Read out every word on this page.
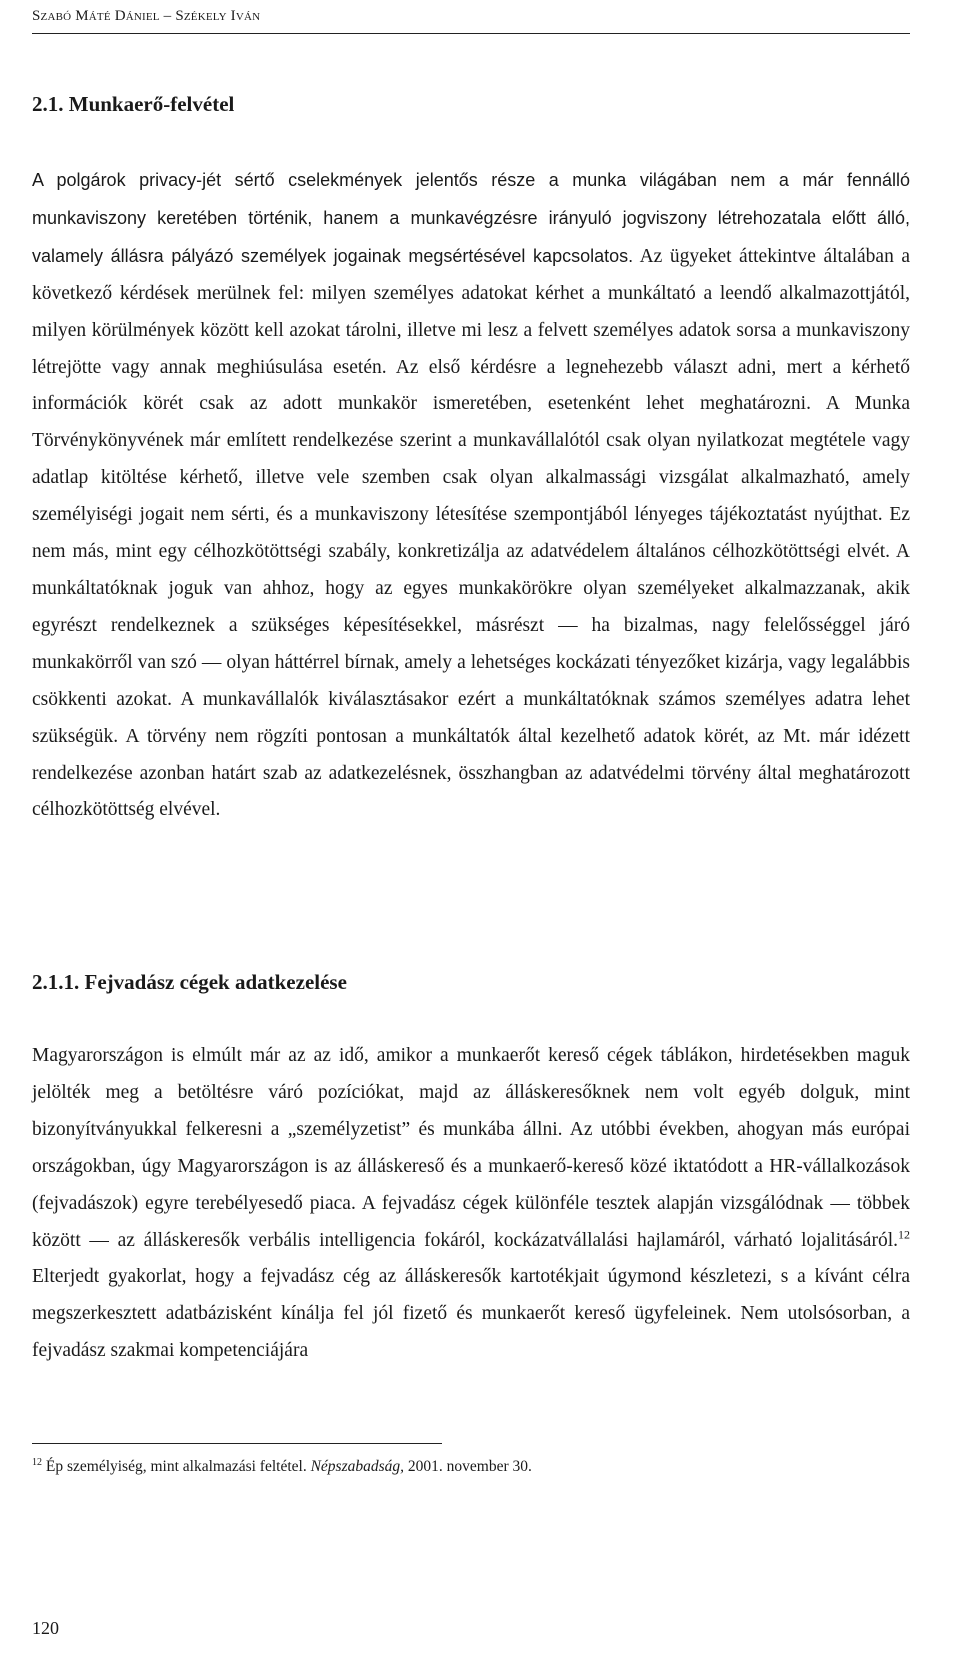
Szabó Máté Dániel – Székely Iván
2.1. Munkaerő-felvétel

A polgárok privacy-jét sértő cselekmények jelentős része a munka világában nem a már fennálló munkaviszony keretében történik, hanem a munkavégzésre irányuló jogviszony létrehozatala előtt álló, valamely állásra pályázó személyek jogainak megsértésével kapcsolatos. Az ügyeket áttekintve általában a következő kérdések merülnek fel: milyen személyes adatokat kérhet a munkáltató a leendő alkalmazottjától, milyen körülmények között kell azokat tárolni, illetve mi lesz a felvett személyes adatok sorsa a munkaviszony létrejötte vagy annak meghiúsulása esetén. Az első kérdésre a legnehezebb választ adni, mert a kérhető információk körét csak az adott munkakör ismeretében, esetenként lehet meghatározni. A Munka Törvénykönyvének már említett rendelkezése szerint a munkavállalótól csak olyan nyilatkozat megtétele vagy adatlap kitöltése kérhető, illetve vele szemben csak olyan alkalmassági vizsgálat alkalmazható, amely személyiségi jogait nem sérti, és a munkaviszony létesítése szempontjából lényeges tájékoztatást nyújthat. Ez nem más, mint egy célhozkötöttségi szabály, konkretizálja az adatvédelem általános célhozkötöttségi elvét. A munkáltatóknak joguk van ahhoz, hogy az egyes munkakörökre olyan személyeket alkalmazzanak, akik egyrészt rendelkeznek a szükséges képesítésekkel, másrészt — ha bizalmas, nagy felelősséggel járó munkakörről van szó — olyan háttérrel bírnak, amely a lehetséges kockázati tényezőket kizárja, vagy legalábbis csökkenti azokat. A munkavállalók kiválasztásakor ezért a munkáltatóknak számos személyes adatra lehet szükségük. A törvény nem rögzíti pontosan a munkáltatók által kezelhető adatok körét, az Mt. már idézett rendelkezése azonban határt szab az adatkezelésnek, összhangban az adatvédelmi törvény által meghatározott célhozkötöttség elvével.

2.1.1. Fejvadász cégek adatkezelése

Magyarországon is elmúlt már az az idő, amikor a munkaerőt kereső cégek táblákon, hirdetésekben maguk jelölték meg a betöltésre váró pozíciókat, majd az álláskeresőknek nem volt egyéb dolguk, mint bizonyítványukkal felkeresni a „személyzetist” és munkába állni. Az utóbbi években, ahogyan más európai országokban, úgy Magyarországon is az álláskereső és a munkaerő-kereső közé iktatódott a HR-vállalkozások (fejvadászok) egyre terebélyesedő piaca. A fejvadász cégek különféle tesztek alapján vizsgálódnak — többek között — az álláskeresők verbális intelligencia fokáról, kockázatvállalási hajlamáról, várható lojalitásáról.$^{12}$ Elterjedt gyakorlat, hogy a fejvadász cég az álláskeresők kartotékjait úgymond készletezi, s a kívánt célra megszerkesztett adatbázisként kínálja fel jól fizető és munkaerőt kereső ügyfeleinek. Nem utolsósorban, a fejvadász szakmai kompetenciájára

$^{12}$ Ép személyiség, mint alkalmazási feltétel. Népszabadság, 2001. november 30.
120
